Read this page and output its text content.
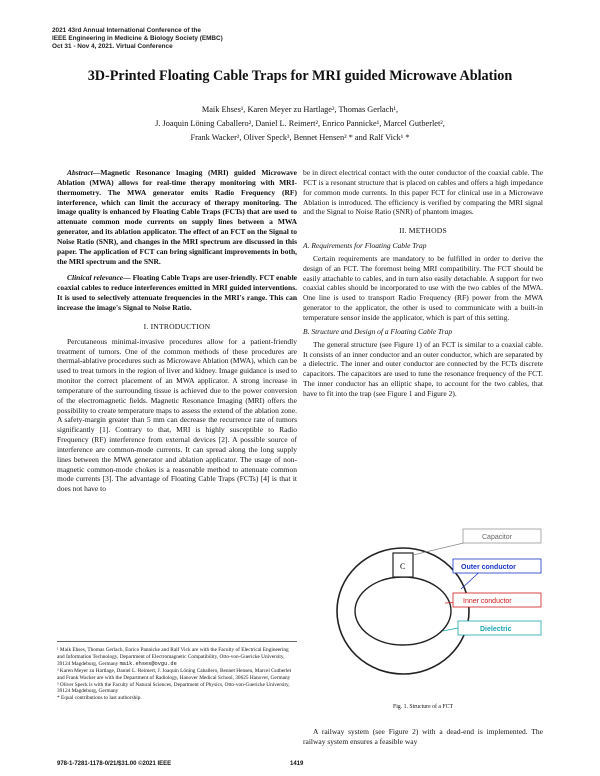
2021 43rd Annual International Conference of the
IEEE Engineering in Medicine & Biology Society (EMBC)
Oct 31 - Nov 4, 2021. Virtual Conference
3D-Printed Floating Cable Traps for MRI guided Microwave Ablation
Maik Ehses¹, Karen Meyer zu Hartlage², Thomas Gerlach¹,
J. Joaquin Löning Caballero², Daniel L. Reimert², Enrico Pannicke¹, Marcel Gutberlet²,
Frank Wacker², Oliver Speck³, Bennet Hensen² * and Ralf Vick¹ *

Abstract—Magnetic Resonance Imaging (MRI) guided Microwave Ablation (MWA) allows for real-time therapy monitoring with MRI-thermometry. The MWA generator emits Radio Frequency (RF) interference, which can limit the accuracy of therapy monitoring. The image quality is enhanced by Floating Cable Traps (FCTs) that are used to attenuate common mode currents on supply lines between a MWA generator, and its ablation applicator. The effect of an FCT on the Signal to Noise Ratio (SNR), and changes in the MRI spectrum are discussed in this paper. The application of FCT can bring significant improvements in both, the MRI spectrum and the SNR.

Clinical relevance— Floating Cable Traps are user-friendly. FCT enable coaxial cables to reduce interferences emitted in MRI guided interventions. It is used to selectively attenuate frequencies in the MRI's range. This can increase the image's Signal to Noise Ratio.

I. INTRODUCTION

Percutaneous minimal-invasive procedures allow for a patient-friendly treatment of tumors. One of the common methods of these procedures are thermal-ablative procedures such as Microwave Ablation (MWA), which can be used to treat tumors in the region of liver and kidney. Image guidance is used to monitor the correct placement of an MWA applicator. A strong increase in temperature of the surrounding tissue is achieved due to the power conversion of the electromagnetic fields. Magnetic Resonance Imaging (MRI) offers the possibility to create temperature maps to assess the extend of the ablation zone. A safety-margin greater than 5 mm can decrease the recurrence rate of tumors significantly [1]. Contrary to that, MRI is highly susceptible to Radio Frequency (RF) interference from external devices [2]. A possible source of interference are common-mode currents. It can spread along the long supply lines between the MWA generator and ablation applicator. The usage of non-magnetic common-mode chokes is a reasonable method to attenuate common mode currents [3]. The advantage of Floating Cable Traps (FCTs) [4] is that it does not have to

¹ Maik Ehses, Thomas Gerlach, Enrico Pannicke and Ralf Vick are with the Faculty of Electrical Engineering and Information Technology, Department of Electromagnetic Compatibility, Otto-von-Guericke University, 39124 Magdeburg, Germany maik.ehses@ovgu.de
² Karen Meyer zu Hartlage, Daniel L. Reimert, J. Joaquin Löning Caballero, Bennet Hensen, Marcel Gutberlet and Frank Wacker are with the Department of Radiology, Hanover Medical School, 30625 Hanover, Germany
³ Oliver Speck is with the Faculty of Natural Sciences, Department of Physics, Otto-von-Guericke University, 39124 Magdeburg, Germany
* Equal contributions to last authorship.

be in direct electrical contact with the outer conductor of the coaxial cable. The FCT is a resonant structure that is placed on cables and offers a high impedance for common mode currents. In this paper FCT for clinical use in a Microwave Ablation is introduced. The efficiency is verified by comparing the MRI signal and the Signal to Noise Ratio (SNR) of phantom images.

II. METHODS
A. Requirements for Floating Cable Trap

Certain requirements are mandatory to be fulfilled in order to derive the design of an FCT. The foremost being MRI compatibility. The FCT should be easily attachable to cables, and in turn also easily detachable. A support for two coaxial cables should be incorporated to use with the two cables of the MWA. One line is used to transport Radio Frequency (RF) power from the MWA generator to the applicator, the other is used to communicate with a built-in temperature sensor inside the applicator, which is part of this setting.

B. Structure and Design of a Floating Cable Trap

The general structure (see Figure 1) of an FCT is similar to a coaxial cable. It consists of an inner conductor and an outer conductor, which are separated by a dielectric. The inner and outer conductor are connected by the FCTs discrete capacitors. The capacitors are used to tune the resonance frequency of the FCT. The inner conductor has an elliptic shape, to account for the two cables, that have to fit into the trap (see Figure 1 and Figure 2).

C
Capacitor
Outer conductor
Inner conductor
Dielectric
Fig. 1. Structure of a FCT

A railway system (see Figure 2) with a dead-end is implemented. The railway system ensures a feasible way

978-1-7281-1178-0/21/$31.00 ©2021 IEEE	1419
